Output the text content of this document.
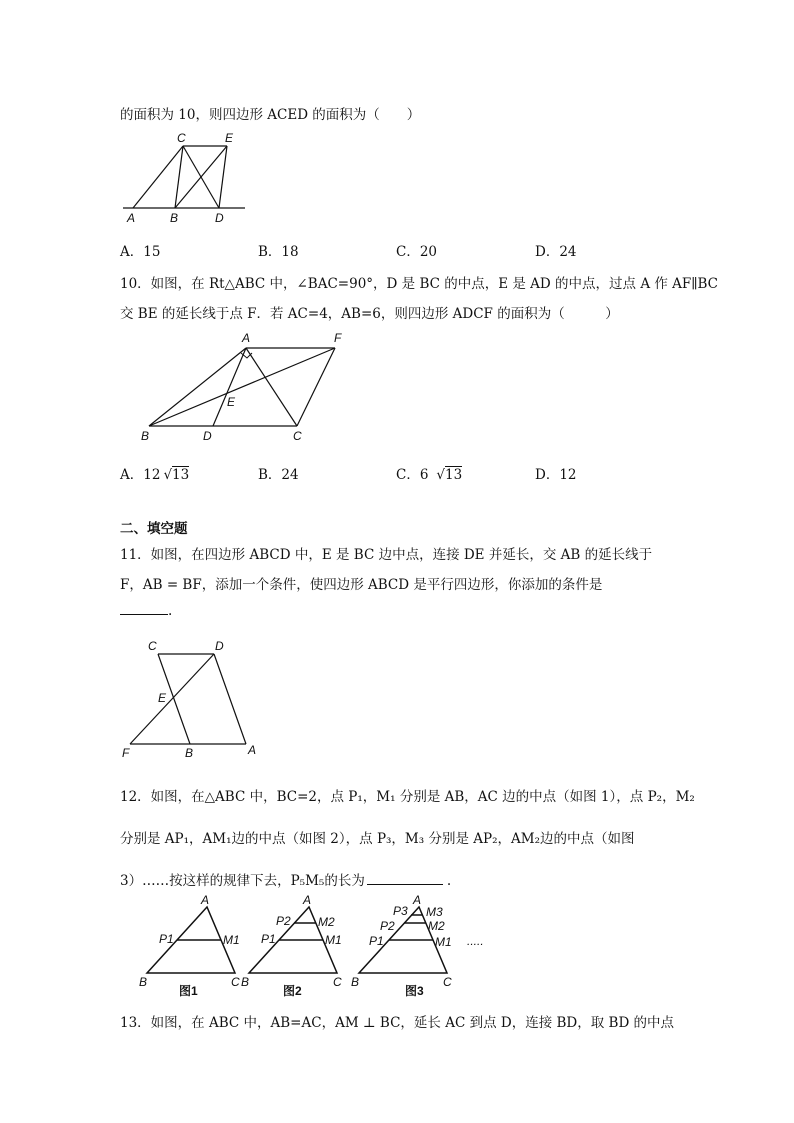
的面积为 10，则四边形 ACED 的面积为（　　）
C	E
A	B	D
A．15	B．18	C．20	D．24
10．如图，在 Rt△ABC 中，∠BAC=90°，D 是 BC 的中点，E 是 AD 的中点，过点 A 作 AF∥BC
交 BE 的延长线于点 F．若 AC=4，AB=6，则四边形 ADCF 的面积为（　　　）
A	F
E
B	D	C
A．12 √13	B．24	C．6 √13	D．12
二、填空题
11．如图，在四边形 ABCD 中，E 是 BC 边中点，连接 DE 并延长，交 AB 的延长线于
F，AB = BF，添加一个条件，使四边形 ABCD 是平行四边形，你添加的条件是
.
C	D
E
F	B	A
12．如图，在△ABC 中，BC=2，点 P₁，M₁ 分别是 AB，AC 边的中点（如图 1），点 P₂，M₂
分别是 AP₁，AM₁边的中点（如图 2），点 P₃，M₃ 分别是 AP₂，AM₂边的中点（如图
3）……按这样的规律下去，P₅M₅的长为	.
A
P1	M1
B	C
图1
A
P2 M2
P1	M1
B	C
图2
A
P3 M3
P2	M2
P1	M1
B	C
图3
.....
13．如图，在 ABC 中，AB=AC，AM ⊥ BC，延长 AC 到点 D，连接 BD，取 BD 的中点
